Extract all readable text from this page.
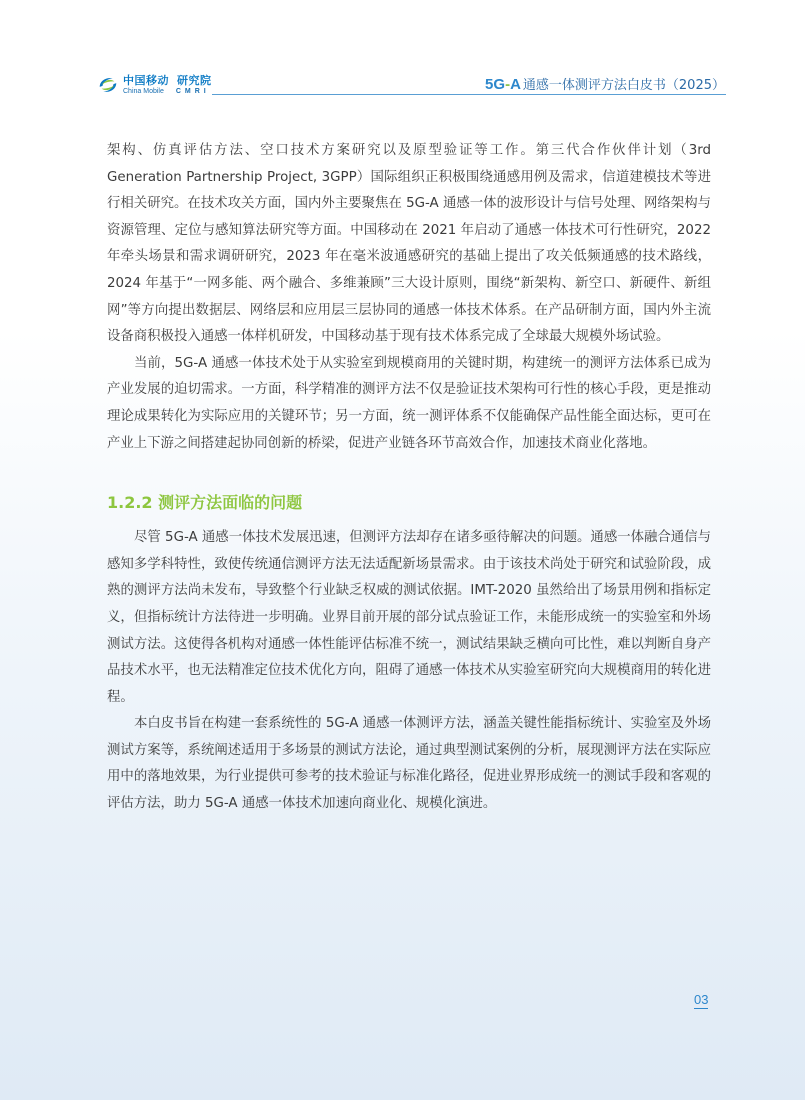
中国移动 研究院
China Mobile CMRI	5G-A 通感一体测评方法白皮书（2025）

架构、仿真评估方法、空口技术方案研究以及原型验证等工作。第三代合作伙伴计划（3rd Generation Partnership Project, 3GPP）国际组织正积极围绕通感用例及需求，信道建模技术等进行相关研究。在技术攻关方面，国内外主要聚焦在 5G-A 通感一体的波形设计与信号处理、网络架构与资源管理、定位与感知算法研究等方面。中国移动在 2021 年启动了通感一体技术可行性研究，2022 年牵头场景和需求调研研究，2023 年在毫米波通感研究的基础上提出了攻关低频通感的技术路线，2024 年基于“一网多能、两个融合、多维兼顾”三大设计原则，围绕“新架构、新空口、新硬件、新组网”等方向提出数据层、网络层和应用层三层协同的通感一体技术体系。在产品研制方面，国内外主流设备商积极投入通感一体样机研发，中国移动基于现有技术体系完成了全球最大规模外场试验。

当前，5G-A 通感一体技术处于从实验室到规模商用的关键时期，构建统一的测评方法体系已成为产业发展的迫切需求。一方面，科学精准的测评方法不仅是验证技术架构可行性的核心手段，更是推动理论成果转化为实际应用的关键环节；另一方面，统一测评体系不仅能确保产品性能全面达标，更可在产业上下游之间搭建起协同创新的桥梁，促进产业链各环节高效合作，加速技术商业化落地。

1.2.2 测评方法面临的问题

尽管 5G-A 通感一体技术发展迅速，但测评方法却存在诸多亟待解决的问题。通感一体融合通信与感知多学科特性，致使传统通信测评方法无法适配新场景需求。由于该技术尚处于研究和试验阶段，成熟的测评方法尚未发布，导致整个行业缺乏权威的测试依据。IMT-2020 虽然给出了场景用例和指标定义，但指标统计方法待进一步明确。业界目前开展的部分试点验证工作，未能形成统一的实验室和外场测试方法。这使得各机构对通感一体性能评估标准不统一，测试结果缺乏横向可比性，难以判断自身产品技术水平，也无法精准定位技术优化方向，阻碍了通感一体技术从实验室研究向大规模商用的转化进程。

本白皮书旨在构建一套系统性的 5G-A 通感一体测评方法，涵盖关键性能指标统计、实验室及外场测试方案等，系统阐述适用于多场景的测试方法论，通过典型测试案例的分析，展现测评方法在实际应用中的落地效果，为行业提供可参考的技术验证与标准化路径，促进业界形成统一的测试手段和客观的评估方法，助力 5G-A 通感一体技术加速向商业化、规模化演进。

03
